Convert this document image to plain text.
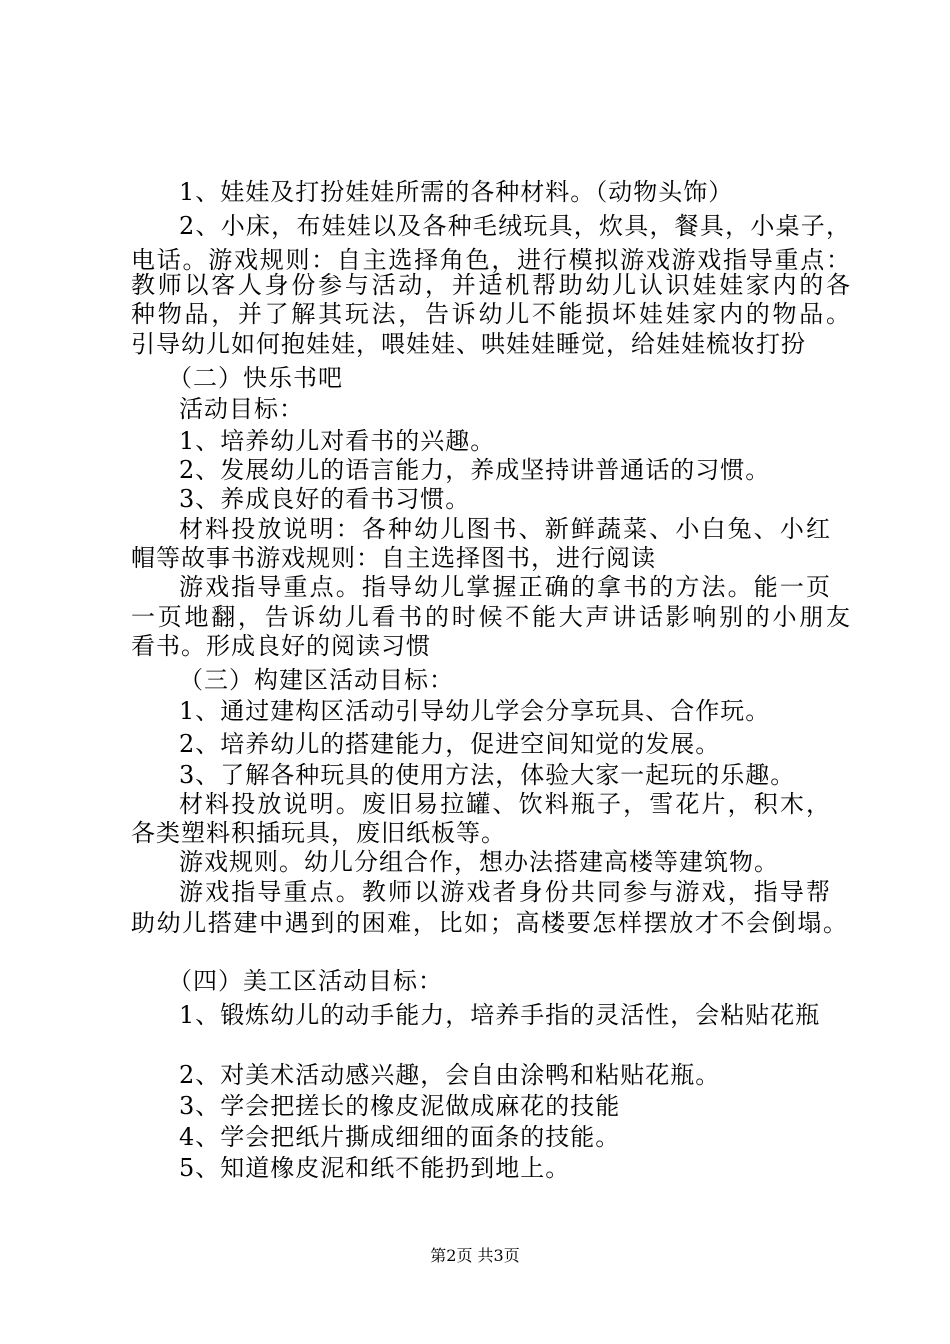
1、娃娃及打扮娃娃所需的各种材料。（动物头饰）
2、小床，布娃娃以及各种毛绒玩具，炊具，餐具，小桌子，
电话。游戏规则：自主选择角色，进行模拟游戏游戏指导重点：
教师以客人身份参与活动，并适机帮助幼儿认识娃娃家内的各
种物品，并了解其玩法，告诉幼儿不能损坏娃娃家内的物品。
引导幼儿如何抱娃娃，喂娃娃、哄娃娃睡觉，给娃娃梳妆打扮
（二）快乐书吧
活动目标：
1、培养幼儿对看书的兴趣。
2、发展幼儿的语言能力，养成坚持讲普通话的习惯。
3、养成良好的看书习惯。
材料投放说明：各种幼儿图书、新鲜蔬菜、小白兔、小红
帽等故事书游戏规则：自主选择图书，进行阅读
游戏指导重点。指导幼儿掌握正确的拿书的方法。能一页
一页地翻，告诉幼儿看书的时候不能大声讲话影响别的小朋友
看书。形成良好的阅读习惯
（三）构建区活动目标：
1、通过建构区活动引导幼儿学会分享玩具、合作玩。
2、培养幼儿的搭建能力，促进空间知觉的发展。
3、了解各种玩具的使用方法，体验大家一起玩的乐趣。
材料投放说明。废旧易拉罐、饮料瓶子，雪花片，积木，
各类塑料积插玩具，废旧纸板等。
游戏规则。幼儿分组合作，想办法搭建高楼等建筑物。
游戏指导重点。教师以游戏者身份共同参与游戏，指导帮
助幼儿搭建中遇到的困难，比如；高楼要怎样摆放才不会倒塌。
（四）美工区活动目标：
1、锻炼幼儿的动手能力，培养手指的灵活性，会粘贴花瓶
2、对美术活动感兴趣，会自由涂鸭和粘贴花瓶。
3、学会把搓长的橡皮泥做成麻花的技能
4、学会把纸片撕成细细的面条的技能。
5、知道橡皮泥和纸不能扔到地上。
第2页 共3页
